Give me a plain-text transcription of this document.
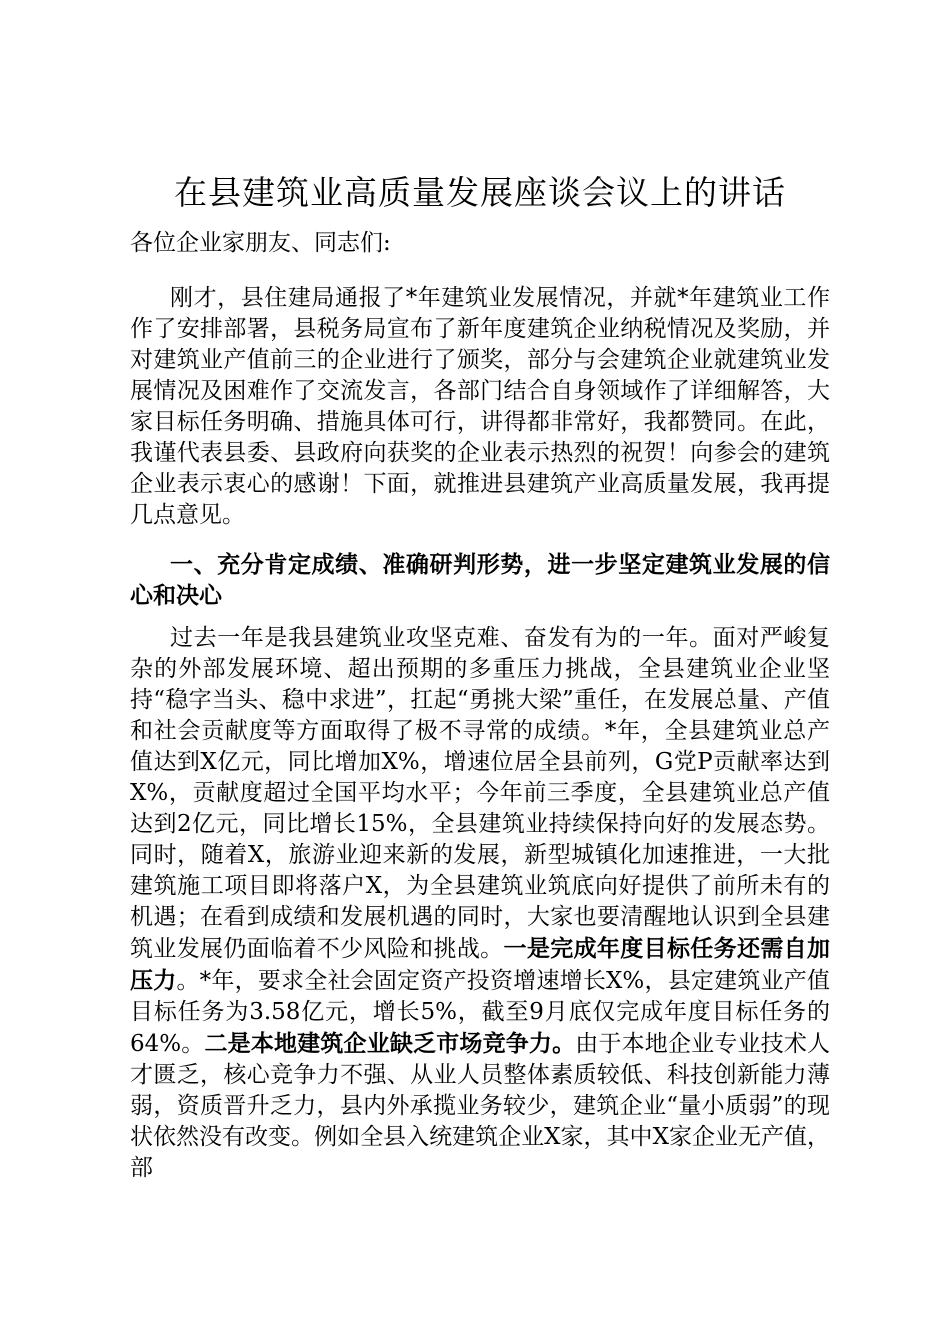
在县建筑业高质量发展座谈会议上的讲话

各位企业家朋友、同志们:

刚才，县住建局通报了*年建筑业发展情况，并就*年建筑业工作作了安排部署，县税务局宣布了新年度建筑企业纳税情况及奖励，并对建筑业产值前三的企业进行了颁奖，部分与会建筑企业就建筑业发展情况及困难作了交流发言，各部门结合自身领域作了详细解答，大家目标任务明确、措施具体可行，讲得都非常好，我都赞同。在此，我谨代表县委、县政府向获奖的企业表示热烈的祝贺！向参会的建筑企业表示衷心的感谢！下面，就推进县建筑产业高质量发展，我再提几点意见。

一、充分肯定成绩、准确研判形势，进一步坚定建筑业发展的信心和决心

过去一年是我县建筑业攻坚克难、奋发有为的一年。面对严峻复杂的外部发展环境、超出预期的多重压力挑战，全县建筑业企业坚持“稳字当头、稳中求进”，扛起“勇挑大梁”重任，在发展总量、产值和社会贡献度等方面取得了极不寻常的成绩。*年，全县建筑业总产值达到X亿元，同比增加X%，增速位居全县前列，G党P贡献率达到X%，贡献度超过全国平均水平；今年前三季度，全县建筑业总产值达到2亿元，同比增长15%，全县建筑业持续保持向好的发展态势。同时，随着X，旅游业迎来新的发展，新型城镇化加速推进，一大批建筑施工项目即将落户X，为全县建筑业筑底向好提供了前所未有的机遇；在看到成绩和发展机遇的同时，大家也要清醒地认识到全县建筑业发展仍面临着不少风险和挑战。一是完成年度目标任务还需自加压力。*年，要求全社会固定资产投资增速增长X%，县定建筑业产值目标任务为3.58亿元，增长5%，截至9月底仅完成年度目标任务的64%。二是本地建筑企业缺乏市场竞争力。由于本地企业专业技术人才匮乏，核心竞争力不强、从业人员整体素质较低、科技创新能力薄弱，资质晋升乏力，县内外承揽业务较少，建筑企业“量小质弱”的现状依然没有改变。例如全县入统建筑企业X家，其中X家企业无产值，部
